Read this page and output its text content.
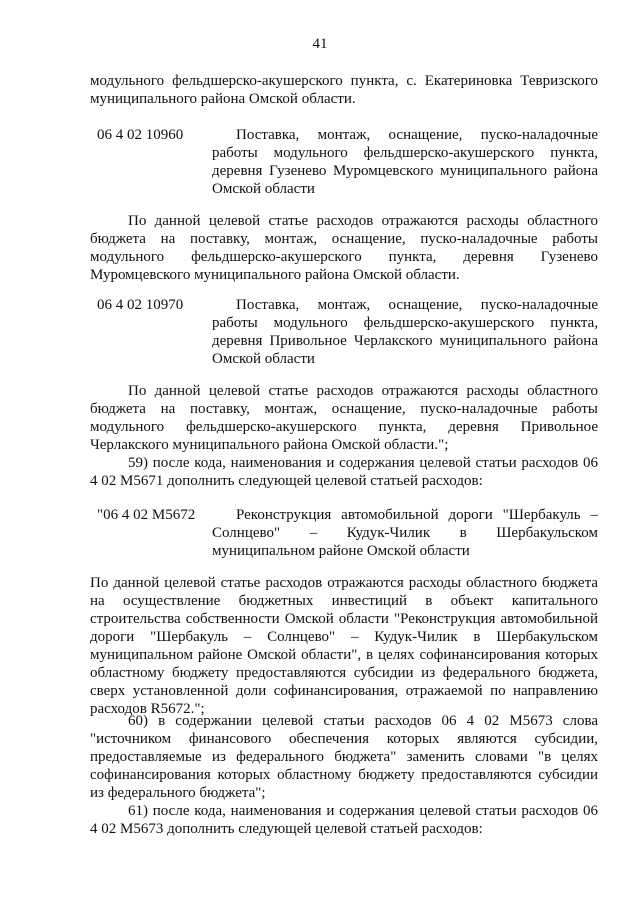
41
модульного фельдшерско-акушерского пункта, с. Екатериновка Тевризского муниципального района Омской области.
06 4 02 10960	Поставка, монтаж, оснащение, пуско-наладочные работы модульного фельдшерско-акушерского пункта, деревня Гузенево Муромцевского муниципального района Омской области
По данной целевой статье расходов отражаются расходы областного бюджета на поставку, монтаж, оснащение, пуско-наладочные работы модульного фельдшерско-акушерского пункта, деревня Гузенево Муромцевского муниципального района Омской области.
06 4 02 10970	Поставка, монтаж, оснащение, пуско-наладочные работы модульного фельдшерско-акушерского пункта, деревня Привольное Черлакского муниципального района Омской области
По данной целевой статье расходов отражаются расходы областного бюджета на поставку, монтаж, оснащение, пуско-наладочные работы модульного фельдшерско-акушерского пункта, деревня Привольное Черлакского муниципального района Омской области.";
59) после кода, наименования и содержания целевой статьи расходов 06 4 02 M5671 дополнить следующей целевой статьей расходов:
"06 4 02 M5672	Реконструкция автомобильной дороги "Шербакуль – Солнцево" – Кудук-Чилик в Шербакульском муниципальном районе Омской области
По данной целевой статье расходов отражаются расходы областного бюджета на осуществление бюджетных инвестиций в объект капитального строительства собственности Омской области "Реконструкция автомобильной дороги "Шербакуль – Солнцево" – Кудук-Чилик в Шербакульском муниципальном районе Омской области", в целях софинансирования которых областному бюджету предоставляются субсидии из федерального бюджета, сверх установленной доли софинансирования, отражаемой по направлению расходов R5672.";
60) в содержании целевой статьи расходов 06 4 02 M5673 слова "источником финансового обеспечения которых являются субсидии, предоставляемые из федерального бюджета" заменить словами "в целях софинансирования которых областному бюджету предоставляются субсидии из федерального бюджета";
61) после кода, наименования и содержания целевой статьи расходов 06 4 02 M5673 дополнить следующей целевой статьей расходов:
